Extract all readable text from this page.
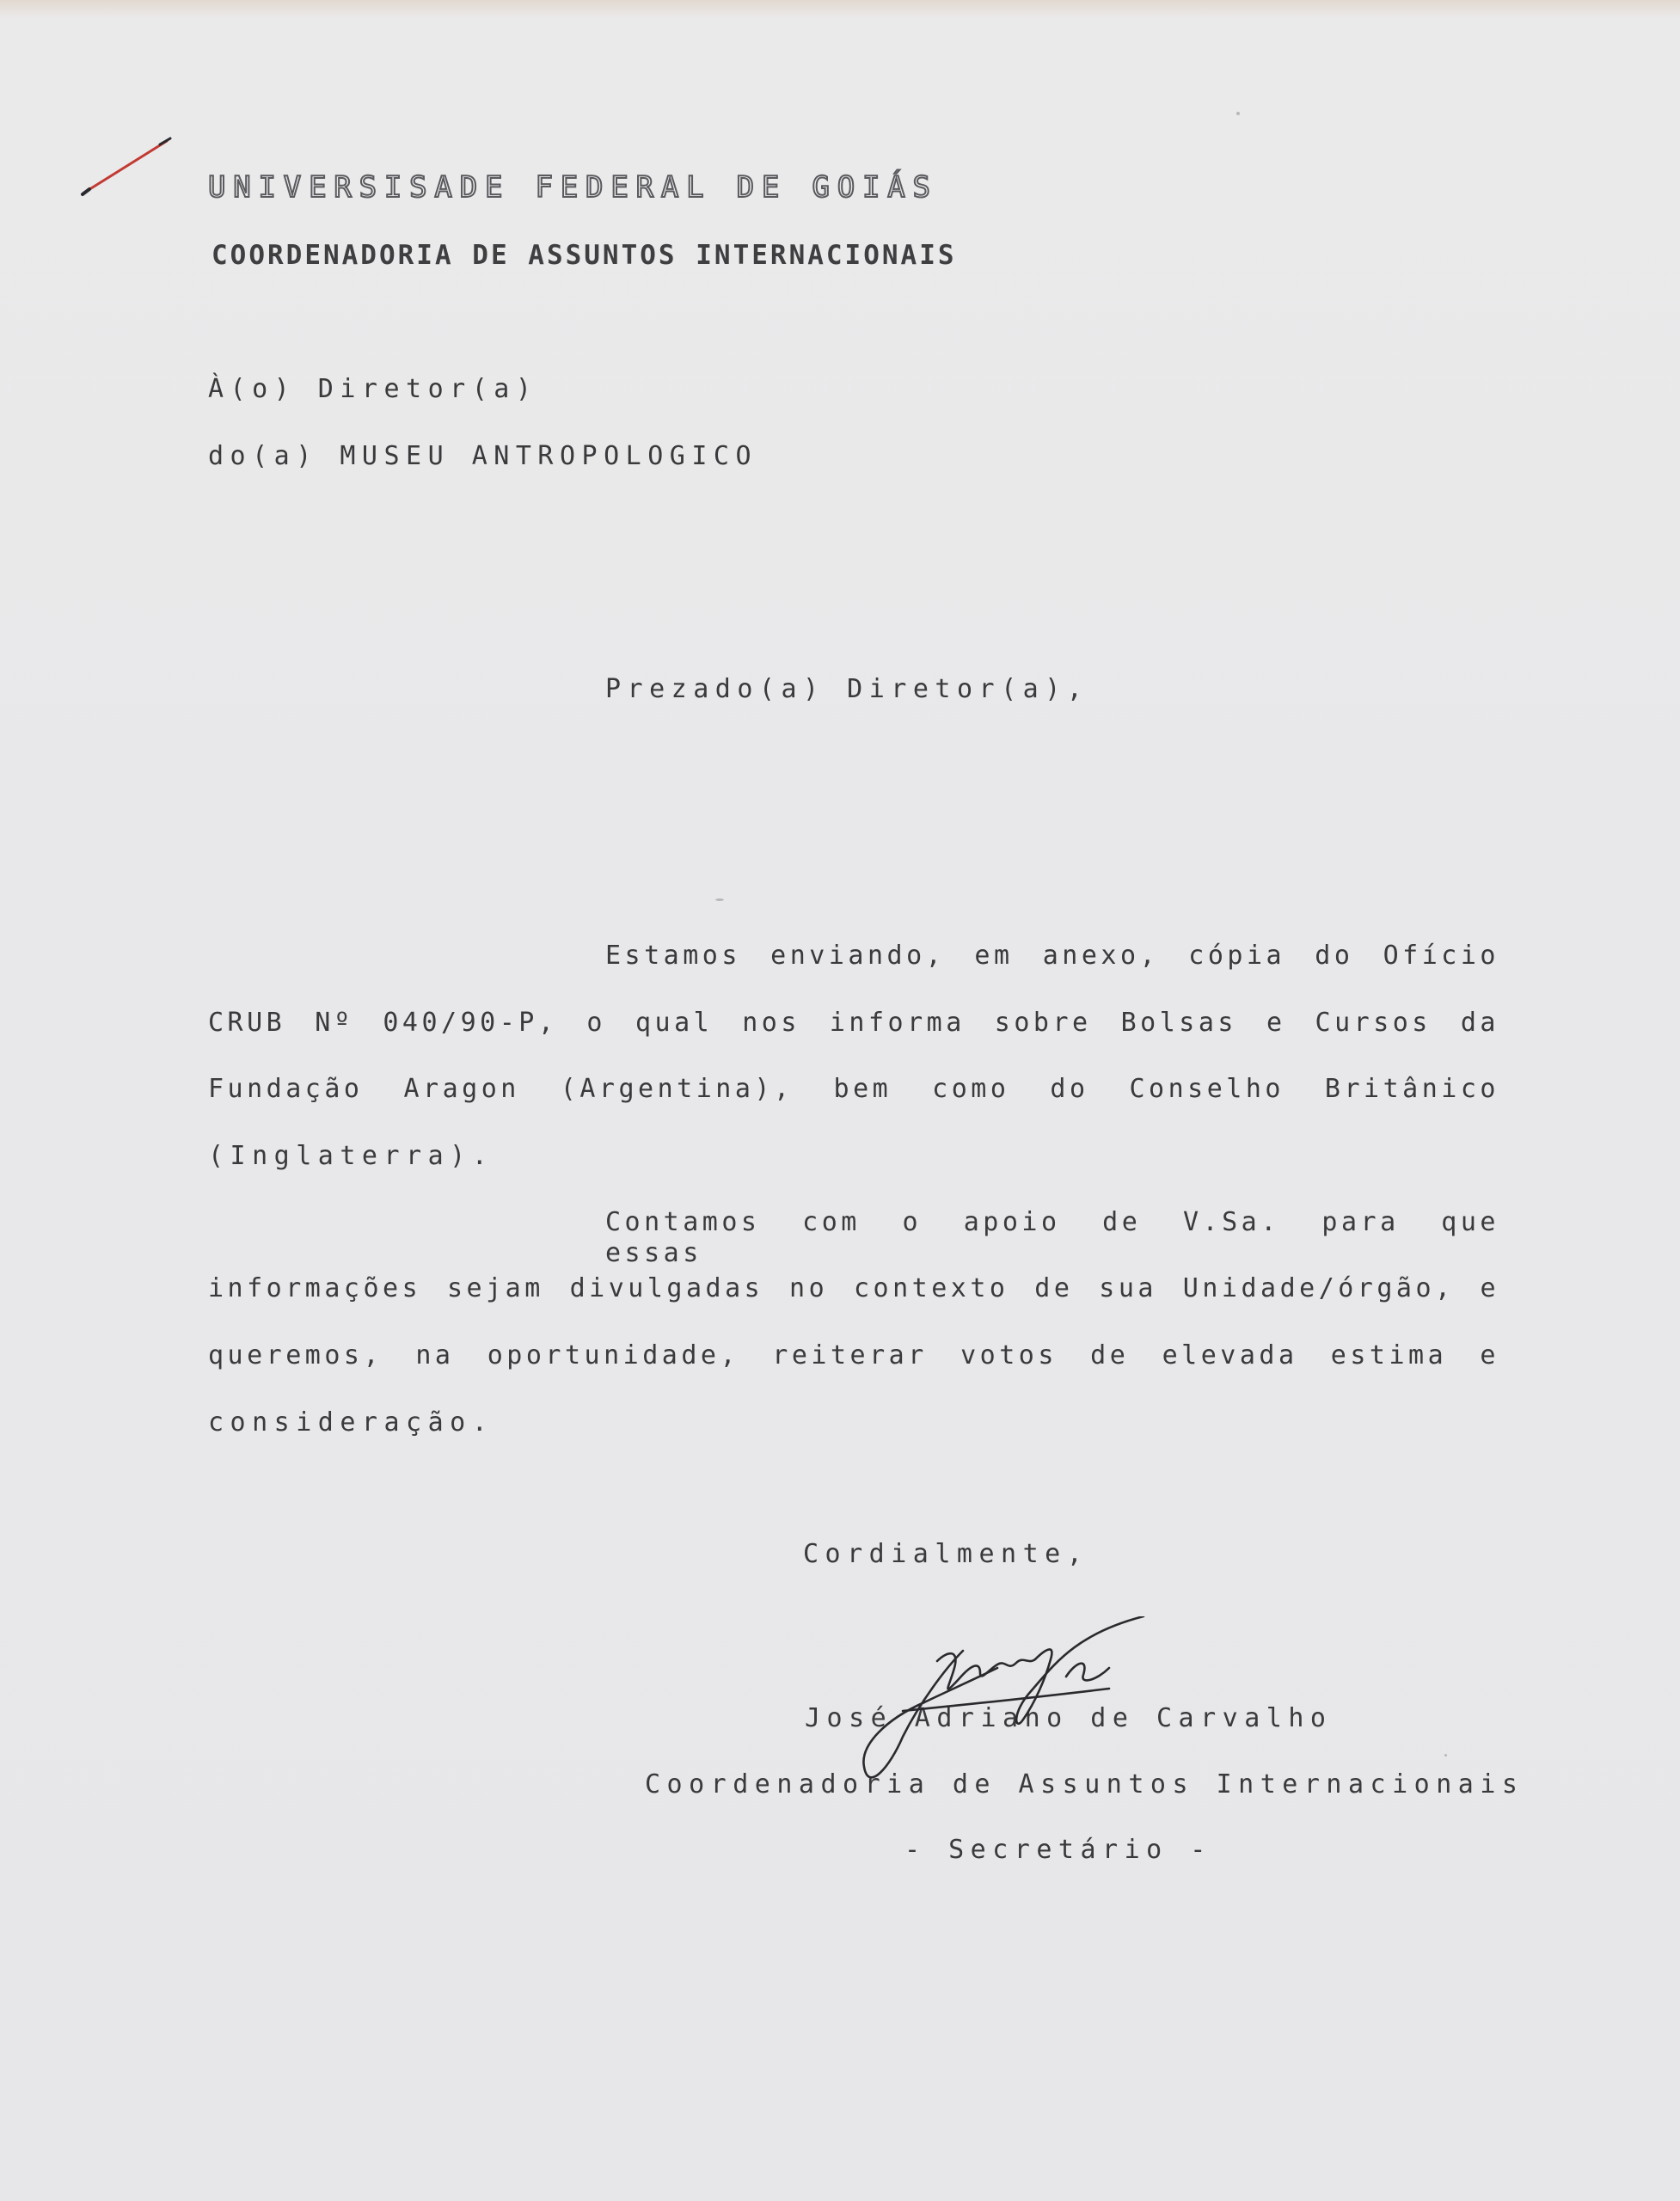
UNIVERSISADE FEDERAL DE GOIÁS
COORDENADORIA DE ASSUNTOS INTERNACIONAIS
À(o) Diretor(a)
do(a) MUSEU ANTROPOLOGICO
Prezado(a) Diretor(a),
Estamos enviando, em anexo, cópia do Ofício
CRUB Nº 040/90-P, o qual nos informa sobre Bolsas e Cursos da
Fundação Aragon (Argentina), bem como do Conselho Britânico
(Inglaterra).
Contamos com o apoio de V.Sa. para que essas
informações sejam divulgadas no contexto de sua Unidade/órgão, e
queremos, na oportunidade, reiterar votos de elevada estima e
consideração.
Cordialmente,
José Adriano de Carvalho
Coordenadoria de Assuntos Internacionais
- Secretário -
